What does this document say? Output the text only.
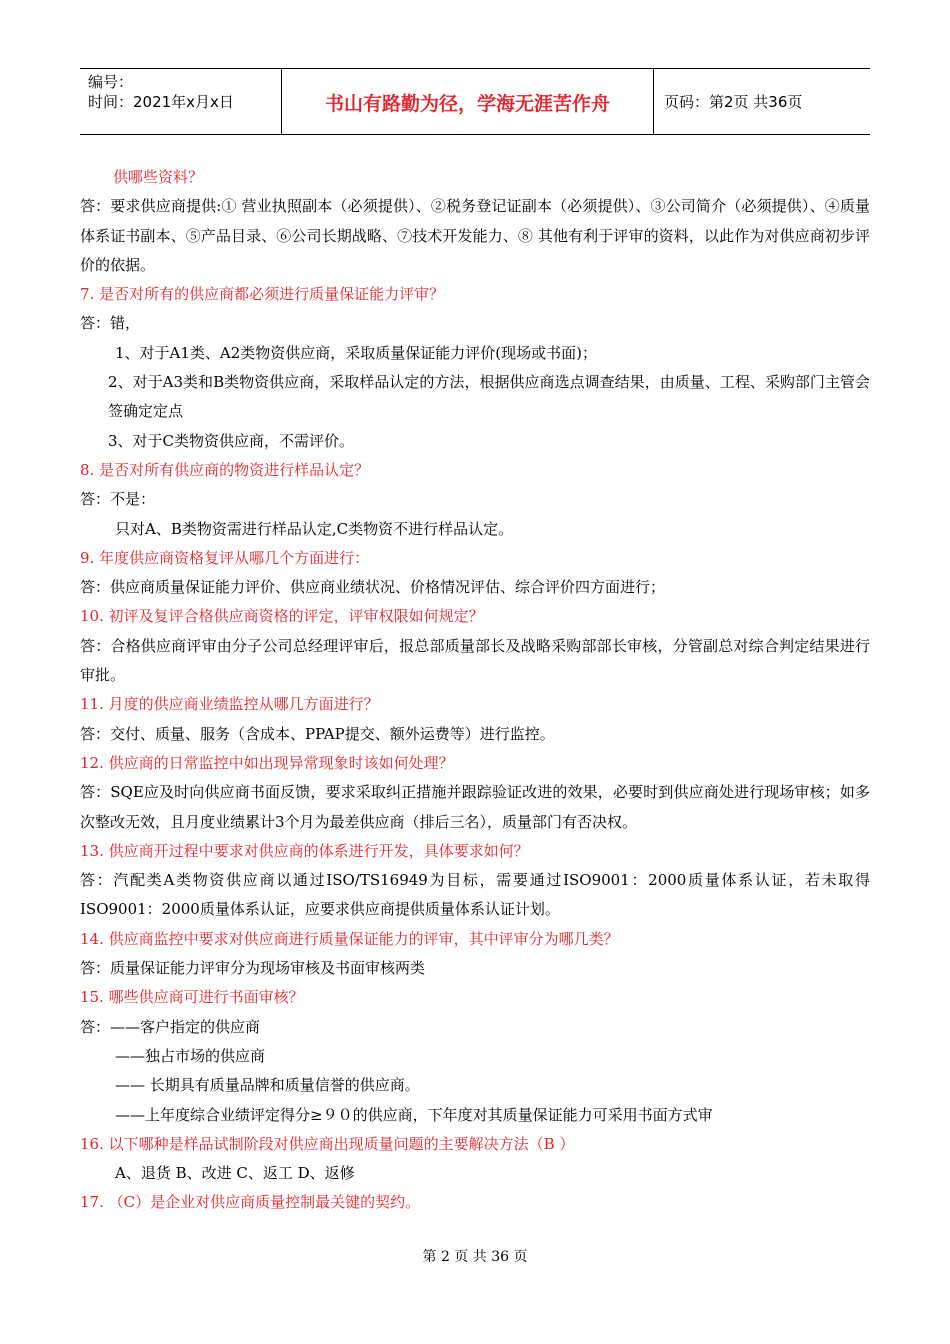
编号：
时间：2021年x月x日	书山有路勤为径，学海无涯苦作舟	页码：第2页 共36页
供哪些资料？
答：要求供应商提供:① 营业执照副本（必须提供）、②税务登记证副本（必须提供）、③公司简介（必须提供）、④质量体系证书副本、⑤产品目录、⑥公司长期战略、⑦技术开发能力、⑧ 其他有利于评审的资料，以此作为对供应商初步评价的依据。
7. 是否对所有的供应商都必须进行质量保证能力评审？
答：错，
1、对于A1类、A2类物资供应商，采取质量保证能力评价(现场或书面)；
2、对于A3类和B类物资供应商，采取样品认定的方法，根据供应商选点调查结果，由质量、工程、采购部门主管会签确定定点
3、对于C类物资供应商，不需评价。
8. 是否对所有供应商的物资进行样品认定？
答：不是：
只对A、B类物资需进行样品认定,C类物资不进行样品认定。
9. 年度供应商资格复评从哪几个方面进行：
答：供应商质量保证能力评价、供应商业绩状况、价格情况评估、综合评价四方面进行；
10. 初评及复评合格供应商资格的评定，评审权限如何规定？
答：合格供应商评审由分子公司总经理评审后，报总部质量部长及战略采购部部长审核，分管副总对综合判定结果进行审批。
11. 月度的供应商业绩监控从哪几方面进行？
答：交付、质量、服务（含成本、PPAP提交、额外运费等）进行监控。
12. 供应商的日常监控中如出现异常现象时该如何处理？
答：SQE应及时向供应商书面反馈，要求采取纠正措施并跟踪验证改进的效果，必要时到供应商处进行现场审核；如多次整改无效，且月度业绩累计3个月为最差供应商（排后三名），质量部门有否决权。
13. 供应商开过程中要求对供应商的体系进行开发，具体要求如何？
答：汽配类A类物资供应商以通过ISO/TS16949为目标，需要通过ISO9001：2000质量体系认证，若未取得ISO9001：2000质量体系认证，应要求供应商提供质量体系认证计划。
14. 供应商监控中要求对供应商进行质量保证能力的评审，其中评审分为哪几类？
答：质量保证能力评审分为现场审核及书面审核两类
15. 哪些供应商可进行书面审核？
答：——客户指定的供应商
——独占市场的供应商
—— 长期具有质量品牌和质量信誉的供应商。
——上年度综合业绩评定得分≥９０的供应商，下年度对其质量保证能力可采用书面方式审
16. 以下哪种是样品试制阶段对供应商出现质量问题的主要解决方法（B ）
A、退货 B、改进 C、返工 D、返修
17. （C）是企业对供应商质量控制最关键的契约。
第 2 页 共 36 页
